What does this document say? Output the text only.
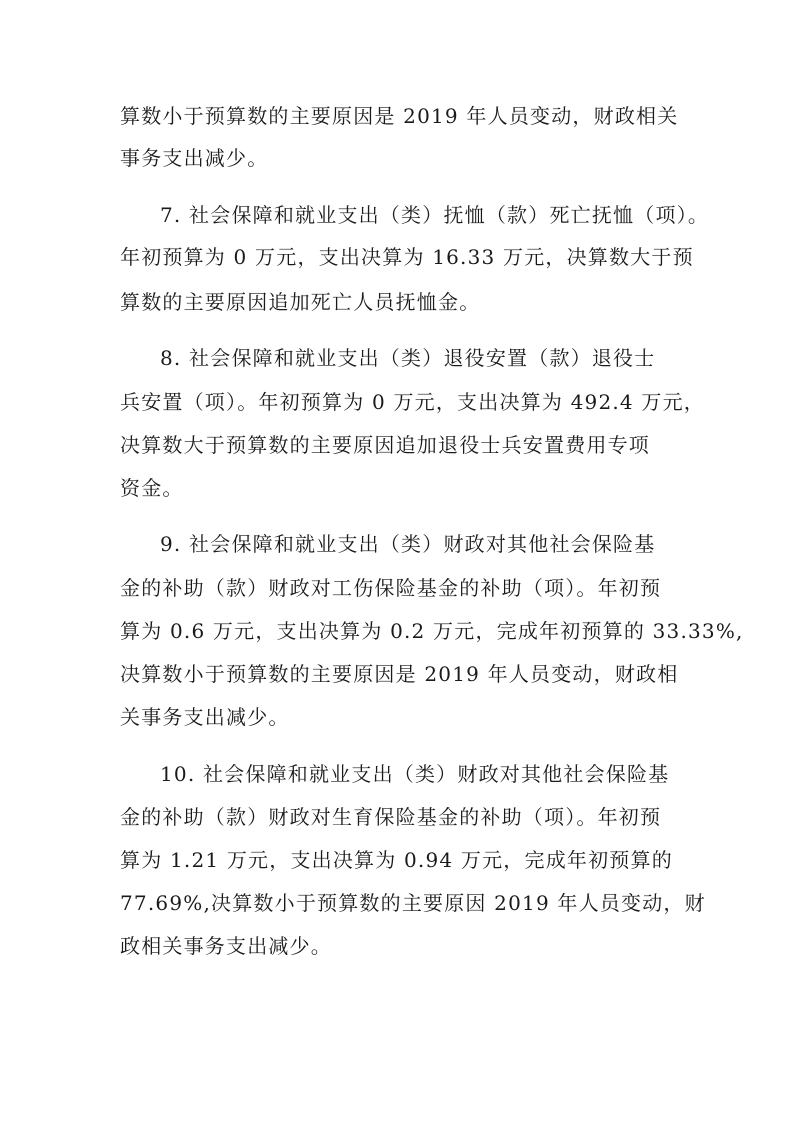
算数小于预算数的主要原因是 2019 年人员变动，财政相关

事务支出减少。

7. 社会保障和就业支出（类）抚恤（款）死亡抚恤（项）。

年初预算为 0 万元，支出决算为 16.33 万元，决算数大于预

算数的主要原因追加死亡人员抚恤金。

8. 社会保障和就业支出（类）退役安置（款）退役士

兵安置（项）。年初预算为 0 万元，支出决算为 492.4 万元，

决算数大于预算数的主要原因追加退役士兵安置费用专项

资金。

9. 社会保障和就业支出（类）财政对其他社会保险基

金的补助（款）财政对工伤保险基金的补助（项）。年初预

算为 0.6 万元，支出决算为 0.2 万元，完成年初预算的 33.33%,

决算数小于预算数的主要原因是 2019 年人员变动，财政相

关事务支出减少。

10. 社会保障和就业支出（类）财政对其他社会保险基

金的补助（款）财政对生育保险基金的补助（项）。年初预

算为 1.21 万元，支出决算为 0.94 万元，完成年初预算的

77.69%,决算数小于预算数的主要原因 2019 年人员变动，财

政相关事务支出减少。
